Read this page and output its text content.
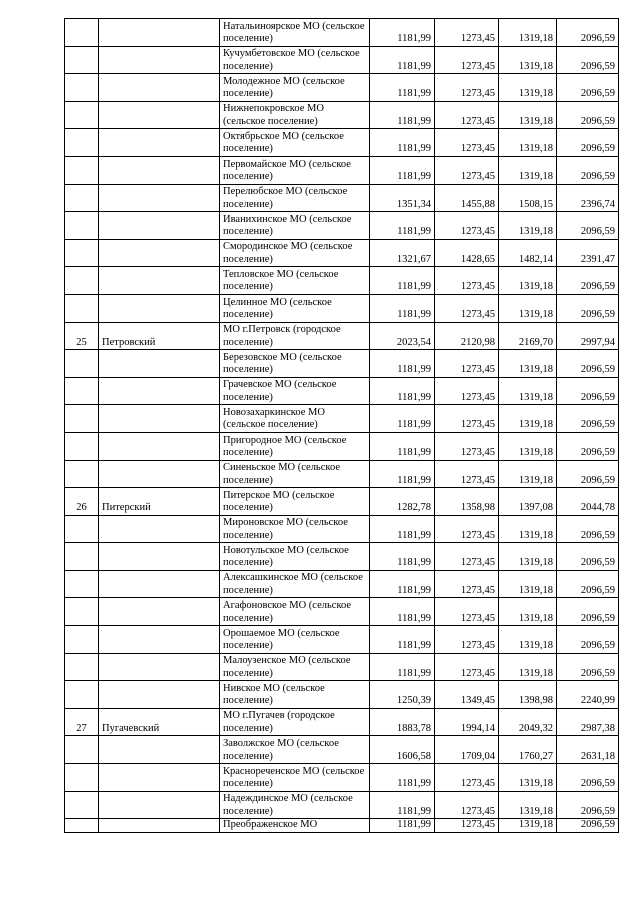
		Натальиноярское МО (сельское поселение)	1181,99	1273,45	1319,18	2096,59
		Кучумбетовское МО (сельское поселение)	1181,99	1273,45	1319,18	2096,59
		Молодежное МО (сельское поселение)	1181,99	1273,45	1319,18	2096,59
		Нижнепокровское МО (сельское поселение)	1181,99	1273,45	1319,18	2096,59
		Октябрьское МО (сельское поселение)	1181,99	1273,45	1319,18	2096,59
		Первомайское МО (сельское поселение)	1181,99	1273,45	1319,18	2096,59
		Перелюбское МО (сельское поселение)	1351,34	1455,88	1508,15	2396,74
		Иванихинское МО (сельское поселение)	1181,99	1273,45	1319,18	2096,59
		Смородинское МО (сельское поселение)	1321,67	1428,65	1482,14	2391,47
		Тепловское МО (сельское поселение)	1181,99	1273,45	1319,18	2096,59
		Целинное МО (сельское поселение)	1181,99	1273,45	1319,18	2096,59
25	Петровский	МО г.Петровск (городское поселение)	2023,54	2120,98	2169,70	2997,94
		Березовское МО (сельское поселение)	1181,99	1273,45	1319,18	2096,59
		Грачевское МО (сельское поселение)	1181,99	1273,45	1319,18	2096,59
		Новозахаркинское МО (сельское поселение)	1181,99	1273,45	1319,18	2096,59
		Пригородное МО (сельское поселение)	1181,99	1273,45	1319,18	2096,59
		Синеньское МО (сельское поселение)	1181,99	1273,45	1319,18	2096,59
26	Питерский	Питерское МО (сельское поселение)	1282,78	1358,98	1397,08	2044,78
		Мироновское МО (сельское поселение)	1181,99	1273,45	1319,18	2096,59
		Новотульское МО (сельское поселение)	1181,99	1273,45	1319,18	2096,59
		Алексашкинское МО (сельское поселение)	1181,99	1273,45	1319,18	2096,59
		Агафоновское МО (сельское поселение)	1181,99	1273,45	1319,18	2096,59
		Орошаемое МО (сельское поселение)	1181,99	1273,45	1319,18	2096,59
		Малоузенское МО (сельское поселение)	1181,99	1273,45	1319,18	2096,59
		Нивское МО (сельское поселение)	1250,39	1349,45	1398,98	2240,99
27	Пугачевский	МО г.Пугачев (городское поселение)	1883,78	1994,14	2049,32	2987,38
		Заволжское МО (сельское поселение)	1606,58	1709,04	1760,27	2631,18
		Краснореченское МО (сельское поселение)	1181,99	1273,45	1319,18	2096,59
		Надеждинское МО (сельское поселение)	1181,99	1273,45	1319,18	2096,59
		Преображенское МО	1181,99	1273,45	1319,18	2096,59
